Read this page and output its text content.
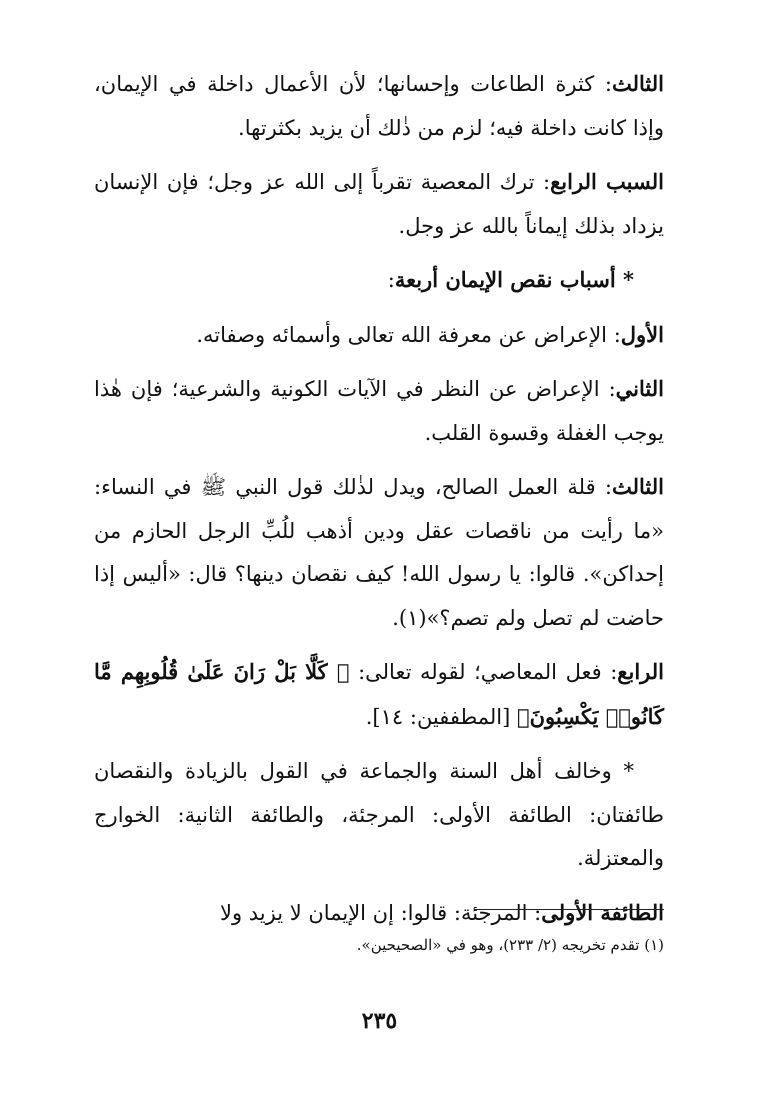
الثالث: كثرة الطاعات وإحسانها؛ لأن الأعمال داخلة في الإيمان، وإذا كانت داخلة فيه؛ لزم من ذٰلك أن يزيد بكثرتها.

السبب الرابع: ترك المعصية تقرباً إلى الله عز وجل؛ فإن الإنسان يزداد بذلك إيماناً بالله عز وجل.

* أسباب نقص الإيمان أربعة:

الأول: الإعراض عن معرفة الله تعالى وأسمائه وصفاته.

الثاني: الإعراض عن النظر في الآيات الكونية والشرعية؛ فإن هٰذا يوجب الغفلة وقسوة القلب.

الثالث: قلة العمل الصالح، ويدل لذٰلك قول النبي ﷺ في النساء: «ما رأيت من ناقصات عقل ودين أذهب للُبِّ الرجل الحازم من إحداكن». قالوا: يا رسول الله! كيف نقصان دينها؟ قال: «أليس إذا حاضت لم تصل ولم تصم؟»(١).

الرابع: فعل المعاصي؛ لقوله تعالى: ﴿ كَلَّا بَلْ رَانَ عَلَىٰ قُلُوبِهِم مَّا كَانُوا۟ يَكْسِبُونَ﴾ [المطففين: ١٤].

* وخالف أهل السنة والجماعة في القول بالزيادة والنقصان طائفتان: الطائفة الأولى: المرجئة، والطائفة الثانية: الخوارج والمعتزلة.

الطائفة الأولى: المرجئة: قالوا: إن الإيمان لا يزيد ولا

(١) تقدم تخريجه (٢/ ٢٣٣)، وهو في «الصحيحين».
٢٣٥
